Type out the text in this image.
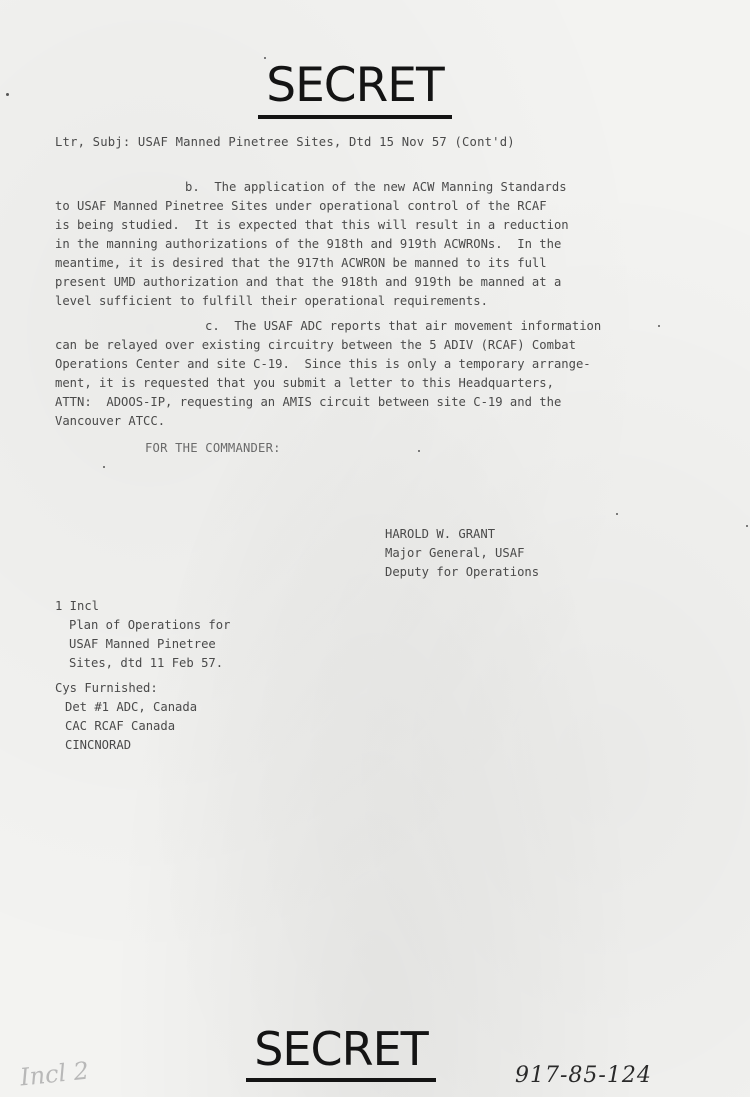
SECRET
Ltr, Subj: USAF Manned Pinetree Sites, Dtd 15 Nov 57 (Cont'd)
b.  The application of the new ACW Manning Standards
to USAF Manned Pinetree Sites under operational control of the RCAF
is being studied.  It is expected that this will result in a reduction
in the manning authorizations of the 918th and 919th ACWRONs.  In the
meantime, it is desired that the 917th ACWRON be manned to its full
present UMD authorization and that the 918th and 919th be manned at a
level sufficient to fulfill their operational requirements.
c.  The USAF ADC reports that air movement information
can be relayed over existing circuitry between the 5 ADIV (RCAF) Combat
Operations Center and site C-19.  Since this is only a temporary arrange-
ment, it is requested that you submit a letter to this Headquarters,
ATTN:  ADOOS-IP, requesting an AMIS circuit between site C-19 and the
Vancouver ATCC.
FOR THE COMMANDER:
HAROLD W. GRANT
Major General, USAF
Deputy for Operations
1 Incl
Plan of Operations for
USAF Manned Pinetree
Sites, dtd 11 Feb 57.
Cys Furnished:
Det #1 ADC, Canada
CAC RCAF Canada
CINCNORAD
SECRET
Incl 2	917-85-124
